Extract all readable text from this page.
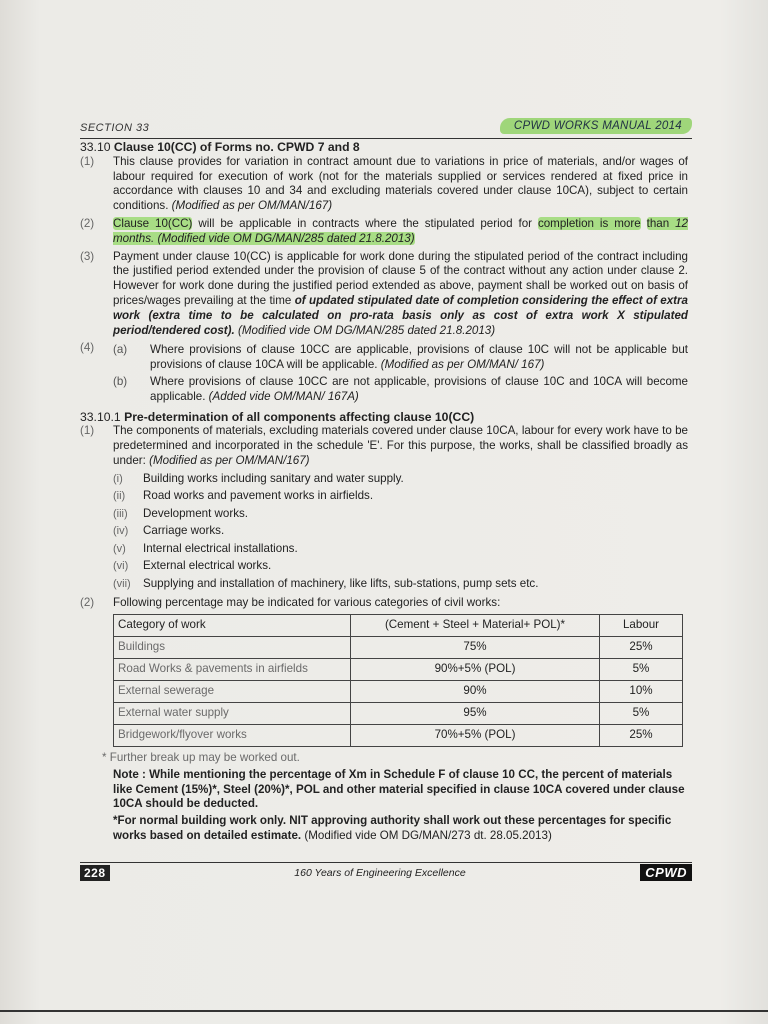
SECTION 33	CPWD WORKS MANUAL 2014

33.10 Clause 10(CC) of Forms no. CPWD 7 and 8

(1)	This clause provides for variation in contract amount due to variations in price of materials, and/or wages of labour required for execution of work (not for the materials supplied or services rendered at fixed price in accordance with clauses 10 and 34 and excluding materials covered under clause 10CA), subject to certain conditions. (Modified as per OM/MAN/167)
(2)	Clause 10(CC) will be applicable in contracts where the stipulated period for completion is more than 12 months. (Modified vide OM DG/MAN/285 dated 21.8.2013)
(3)	Payment under clause 10(CC) is applicable for work done during the stipulated period of the contract including the justified period extended under the provision of clause 5 of the contract without any action under clause 2. However for work done during the justified period extended as above, payment shall be worked out on basis of prices/wages prevailing at the time of updated stipulated date of completion considering the effect of extra work (extra time to be calculated on pro-rata basis only as cost of extra work X stipulated period/tendered cost). (Modified vide OM DG/MAN/285 dated 21.8.2013)
(4)	(a)	Where provisions of clause 10CC are applicable, provisions of clause 10C will not be applicable but provisions of clause 10CA will be applicable. (Modified as per OM/MAN/ 167)
(b)	Where provisions of clause 10CC are not applicable, provisions of clause 10C and 10CA will become applicable. (Added vide OM/MAN/ 167A)

33.10.1 Pre-determination of all components affecting clause 10(CC)

(1)	The components of materials, excluding materials covered under clause 10CA, labour for every work have to be predetermined and incorporated in the schedule 'E'. For this purpose, the works, shall be classified broadly as under: (Modified as per OM/MAN/167)
(i)	Building works including sanitary and water supply.
(ii)	Road works and pavement works in airfields.
(iii)	Development works.
(iv)	Carriage works.
(v)	Internal electrical installations.
(vi)	External electrical works.
(vii)	Supplying and installation of machinery, like lifts, sub-stations, pump sets etc.
(2)	Following percentage may be indicated for various categories of civil works:
Category of work	(Cement + Steel + Material+ POL)*	Labour
Buildings	75%	25%
Road Works & pavements in airfields	90%+5% (POL)	5%
External sewerage	90%	10%
External water supply	95%	5%
Bridgework/flyover works	70%+5% (POL)	25%
* Further break up may be worked out.
Note : While mentioning the percentage of Xm in Schedule F of clause 10 CC, the percent of materials like Cement (15%)*, Steel (20%)*, POL and other material specified in clause 10CA covered under clause 10CA should be deducted.
*For normal building work only. NIT approving authority shall work out these percentages for specific works based on detailed estimate. (Modified vide OM DG/MAN/273 dt. 28.05.2013)
228	160 Years of Engineering Excellence	CPWD
